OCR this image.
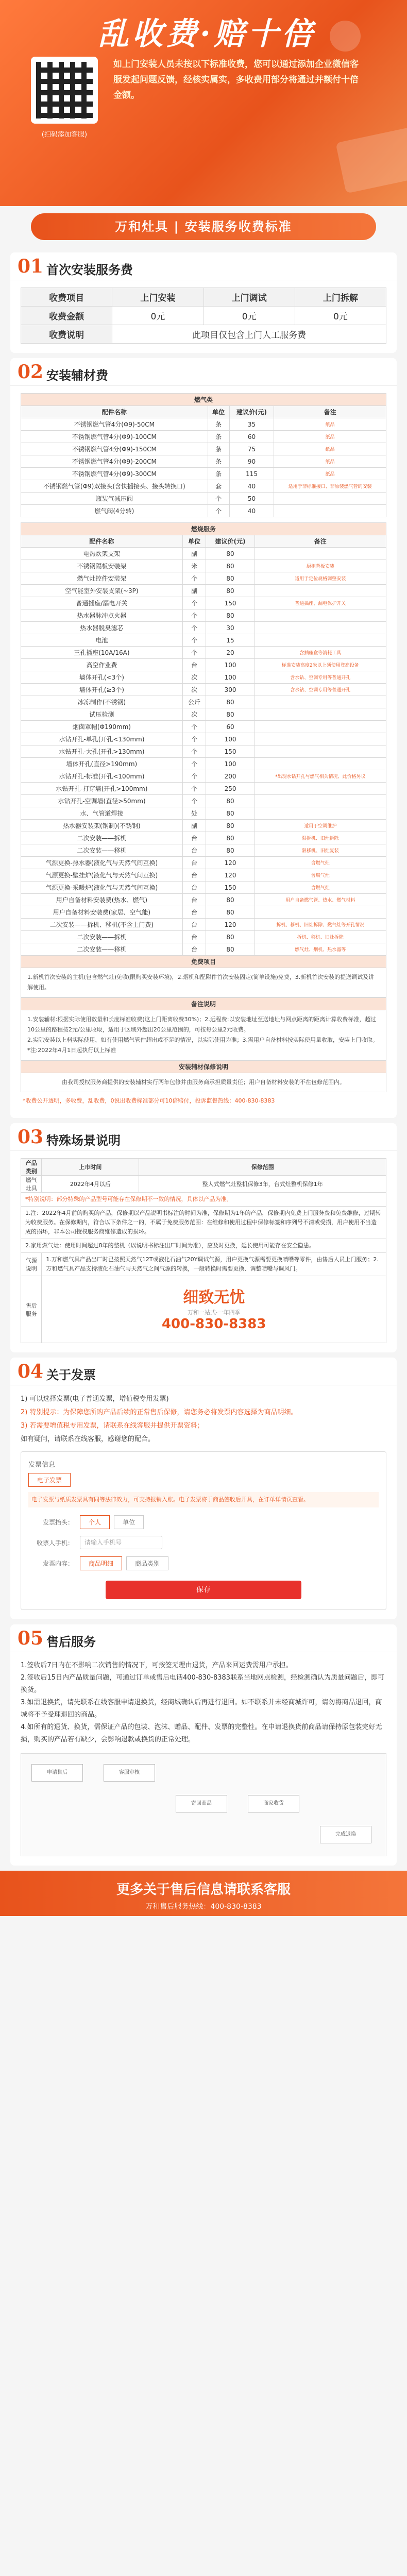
乱收费·赔十倍
(扫码添加客服)
如上门安装人员未按以下标准收费，您可以通过添加企业微信客服发起问题反馈，经核实属实，多收费用部分将通过并额付十倍金额。
万和灶具 | 安装服务收费标准
01 首次安装服务费
收费项目	上门安装	上门调试	上门拆解
收费金额	0元	0元	0元
收费说明	此项目仅包含上门人工服务费		
02 安装辅材费
燃气类			
配件名称	单位	建议价(元)	备注
不锈钢燃气管4分(Φ9)-50CM	条	35	纸品
不锈钢燃气管4分(Φ9)-100CM	条	60	纸品
不锈钢燃气管4分(Φ9)-150CM	条	75	纸品
不锈钢燃气管4分(Φ9)-200CM	条	90	纸品
不锈钢燃气管4分(Φ9)-300CM	条	115	纸品
不锈钢燃气管(Φ9)双接头(含快插接头、接头转换口)	套	40	适用于非标准接口、非原装燃气管的安装
瓶装气减压阀	个	50	
燃气阀(4分转)	个	40	
燃烧服务			
配件名称	单位	建议价(元)	备注
电热炊架支架	副	80	
不锈钢隔板安装架	米	80	厨柜背板安装
燃气灶控件安装架	个	80	适用于定位规格调整安装
空气能室外安装支架(~3P)	副	80	
普通插座/漏电开关	个	150	普通插座、漏电保护开关
热水器脉冲点火器	个	80	
热水器脱臭滤芯	个	30	
电池	个	15	
三孔插座(10A/16A)	个	20	含插座盒等消耗工具
高空作业费	台	100	标准安装高度2米以上须使用登高设备
墙体开孔(<3个)	次	100	含水钻、空调专用等普通开孔
墙体开孔(≥3个)	次	300	含水钻、空调专用等普通开孔
冰冻制作(不锈钢)	公斤	80	
试压检测	次	80	
烟囱罩帽(Φ190mm)	个	60	
水钻开孔-单孔(开孔<130mm)	个	100	
水钻开孔-大孔(开孔>130mm)	个	150	
墙体开孔(直径>190mm)	个	100	
水钻开孔-标准(开孔<100mm)	个	200	*出现水钻开孔与燃气相关情况、此价格另议
水钻开孔-打穿墙(开孔>100mm)	个	250	
水钻开孔-空调墙(直径>50mm)	个	80	
水、气管道焊接	处	80	
热水器安装架(钢制)(不锈钢)	副	80	适用于空调维护
二次安装——拆机	台	80	限拆机、旧灶拆除
二次安装——移机	台	80	限移机、旧灶复装
气源更换-热水器(液化气与天然气间互换)	台	120	含燃气灶
气源更换-壁挂炉(液化气与天然气间互换)	台	120	含燃气灶
气源更换-采暖炉(液化气与天然气间互换)	台	150	含燃气灶
用户自备材料安装费(热水、燃气)	台	80	用户自备燃气管、热水、燃气材料
用户自备材料安装费(家居、空气能)	台	80	
二次安装——拆机、移机(不含上门费)	台	120	拆机、移机、旧灶拆除、燃气灶等开孔情况
二次安装——拆机	台	80	拆机、移机、旧灶拆除
二次安装——移机	台	80	燃气灶、烟机、热水器等
免费项目			
1.新机首次安装的主机(包含燃气灶)免收(限购买安装环境)，2.烟机和配附件首次安装固定(简单设施)免费，3.新机首次安装的提送调试及讲解使用。
备注说明
1.安装辅材:根据实际使用数量和长度标准收费(这上门距离收费30%)；2.远程费:以安装地址至送地址与网点距离的距离计算收费标准，超过10公里的路程按2元/公里收取，适用于区域外超出20公里范围的，可按每公里2元收费。
2.实际安装以上料实际使用，如有使用燃气管件超出或不足的情况，以实际使用为准；3.需用户自备材料按实际使用量收取，安装上门收取。
*注:2022年4月1日起执行以上标准
安装辅材保修说明
由我司授权服务商提供的安装辅材实行两年包修并由服务商承担质量责任；用户自备材料安装的不在包修范围内。
*收费公开透明，多收费，乱收费，0说出收费标准部分可10倍赔付，投诉监督热线：400-830-8383
03 特殊场景说明
产品类别	上市时间	保修范围
燃气灶具	2022年4月以后	整人式燃气灶整机保修3年，台式灶整机保修1年
*特别说明：部分特殊的产品型号可能存在保修期不一致的情况，具体以产品为准。		
1.注：2022年4月前的购买的产品，保修期以产品说明书标注的时间为准，保修期为1年的产品，保修期内免费上门服务费和免费维修，过期转为收费服务。在保修期内，符合以下条件之一的，不属于免费服务范围：在维修和使用过程中保修标签和序列号不清或受损，用户使用不当造成的损坏，非本公司授权服务商维修造成的损坏。		
2.家用燃气灶：使用时间超过8年的整机（以说明书标注出厂时间为准），应及时更换，延长使用可能存在安全隐患。		
气源说明	1.万和燃气具产品出厂时已按照天然气12T或液化石油气20Y调试气源，用户更换气源需要更换喷嘴等零件，由售后人员上门服务；2.万和燃气具产品支持液化石油气与天然气之间气源的转换，一般转换时需要更换、调整喷嘴与调风门。	
售后服务	细致无忧
万和一站式·一年四季
400-830-8383	
04 关于发票
1) 可以选择发票(电子普通发票，增值税专用发票)
2) 特别提示：为保障您所购产品后续的正常售后保修，请您务必将发票内容选择为商品明细。
3) 若需要增值税专用发票，请联系在线客服并提供开票资料；
如有疑问，请联系在线客服，感谢您的配合。
发票信息
电子发票
电子发票与纸质发票具有同等法律效力，可支持报销入账。电子发票将于商品签收后开具，在订单详情页查看。
发票抬头：	个人	单位
收票人手机：	请输入手机号
发票内容：	商品明细	商品类别
保存
05 售后服务
1.签收后7日内在不影响二次销售的情况下，可按签无理由退货，产品来回运费需用户承担。
2.签收后15日内产品质量问题，可通过订单或售后电话400-830-8383联系当地网点检测，经检测确认为质量问题后，即可换货。
3.如需退换货，请先联系在线客服申请退换货，经商城确认后再进行退回。如不联系并未经商城许可，请勿将商品退回，商城将不予受理退回的商品。
4.如所有的退货、换货，需保证产品的包装、泡沫、赠品、配件、发票的完整性。在申请退换货前商品请保持原包装完好无损，购买的产品若有缺少，会影响退款或换货的正常处理。
申请售后	客服审核
寄回商品	商家收货
完成退换
更多关于售后信息请联系客服
万和售后服务热线：400-830-8383
